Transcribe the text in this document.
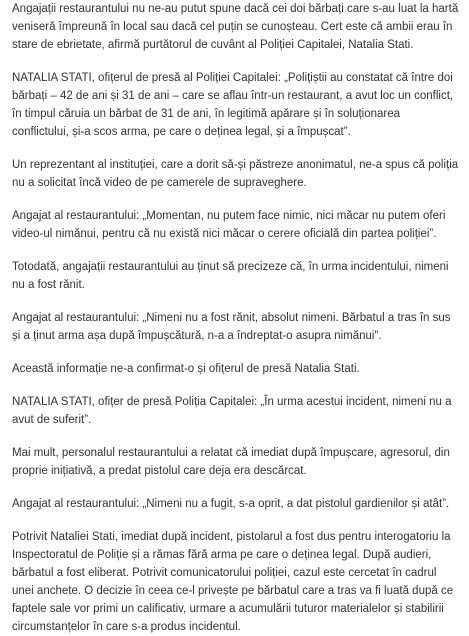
Angajații restaurantului nu ne-au putut spune dacă cei doi bărbați care s-au luat la hartă veniseră împreună în local sau dacă cel puțin se cunoșteau. Cert este că ambii erau în stare de ebrietate, afirmă purtătorul de cuvânt al Poliției Capitalei, Natalia Stati.

NATALIA STATI, ofițerul de presă al Poliției Capitalei: „Polițiștii au constatat că între doi bărbați – 42 de ani și 31 de ani – care se aflau într-un restaurant, a avut loc un conflict, în timpul căruia un bărbat de 31 de ani, în legitimă apărare și în soluționarea conflictului, și-a scos arma, pe care o deținea legal, și a împușcat”.

Un reprezentant al instituției, care a dorit să-și păstreze anonimatul, ne-a spus că poliția nu a solicitat încă video de pe camerele de supraveghere.

Angajat al restaurantului: „Momentan, nu putem face nimic, nici măcar nu putem oferi video-ul nimănui, pentru că nu există nici măcar o cerere oficială din partea poliției”.

Totodată, angajații restaurantului au ținut să precizeze că, în urma incidentului, nimeni nu a fost rănit.

Angajat al restaurantului: „Nimeni nu a fost rănit, absolut nimeni. Bărbatul a tras în sus și a ținut arma așa după împușcătură, n-a a îndreptat-o asupra nimănui”.

Această informație ne-a confirmat-o și ofițerul de presă Natalia Stati.

NATALIA STATI, ofițer de presă Poliția Capitalei: „În urma acestui incident, nimeni nu a avut de suferit”.

Mai mult, personalul restaurantului a relatat că imediat după împușcare, agresorul, din proprie inițiativă, a predat pistolul care deja era descărcat.

Angajat al restaurantului: „Nimeni nu a fugit, s-a oprit, a dat pistolul gardienilor și atât”.

Potrivit Nataliei Stati, imediat după incident, pistolarul a fost dus pentru interogatoriu la Inspectoratul de Poliție și a rămas fără arma pe care o deținea legal. După audieri, bărbatul a fost eliberat. Potrivit comunicatorului poliției, cazul este cercetat în cadrul unei anchete. O decizie în ceea ce-l privește pe bărbatul care a tras va fi luată după ce faptele sale vor primi un calificativ, urmare a acumulării tuturor materialelor și stabilirii circumstanțelor în care s-a produs incidentul.
